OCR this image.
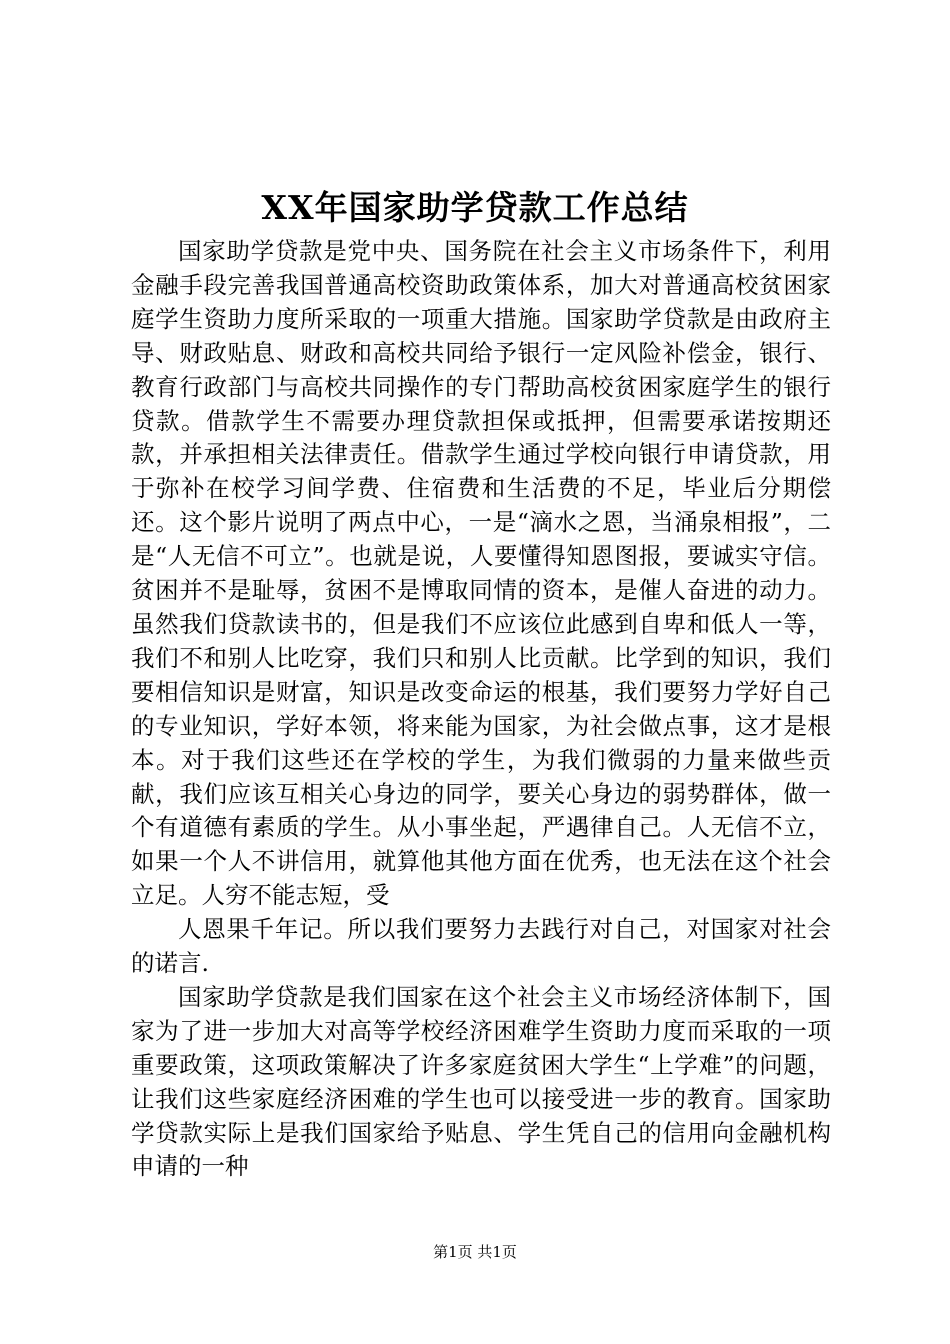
XX年国家助学贷款工作总结

国家助学贷款是党中央、国务院在社会主义市场条件下，利用金融手段完善我国普通高校资助政策体系，加大对普通高校贫困家庭学生资助力度所采取的一项重大措施。国家助学贷款是由政府主导、财政贴息、财政和高校共同给予银行一定风险补偿金，银行、教育行政部门与高校共同操作的专门帮助高校贫困家庭学生的银行贷款。借款学生不需要办理贷款担保或抵押，但需要承诺按期还款，并承担相关法律责任。借款学生通过学校向银行申请贷款，用于弥补在校学习间学费、住宿费和生活费的不足，毕业后分期偿还。这个影片说明了两点中心，一是“滴水之恩，当涌泉相报”，二是“人无信不可立”。也就是说，人要懂得知恩图报，要诚实守信。贫困并不是耻辱，贫困不是博取同情的资本，是催人奋进的动力。虽然我们贷款读书的，但是我们不应该位此感到自卑和低人一等，我们不和别人比吃穿，我们只和别人比贡献。比学到的知识，我们要相信知识是财富，知识是改变命运的根基，我们要努力学好自己的专业知识，学好本领，将来能为国家，为社会做点事，这才是根本。对于我们这些还在学校的学生，为我们微弱的力量来做些贡献，我们应该互相关心身边的同学，要关心身边的弱势群体，做一个有道德有素质的学生。从小事坐起，严遇律自己。人无信不立，如果一个人不讲信用，就算他其他方面在优秀，也无法在这个社会立足。人穷不能志短，受

人恩果千年记。所以我们要努力去践行对自己，对国家对社会的诺言.

国家助学贷款是我们国家在这个社会主义市场经济体制下，国家为了进一步加大对高等学校经济困难学生资助力度而采取的一项重要政策，这项政策解决了许多家庭贫困大学生“上学难”的问题，让我们这些家庭经济困难的学生也可以接受进一步的教育。国家助学贷款实际上是我们国家给予贴息、学生凭自己的信用向金融机构申请的一种

第1页 共1页
